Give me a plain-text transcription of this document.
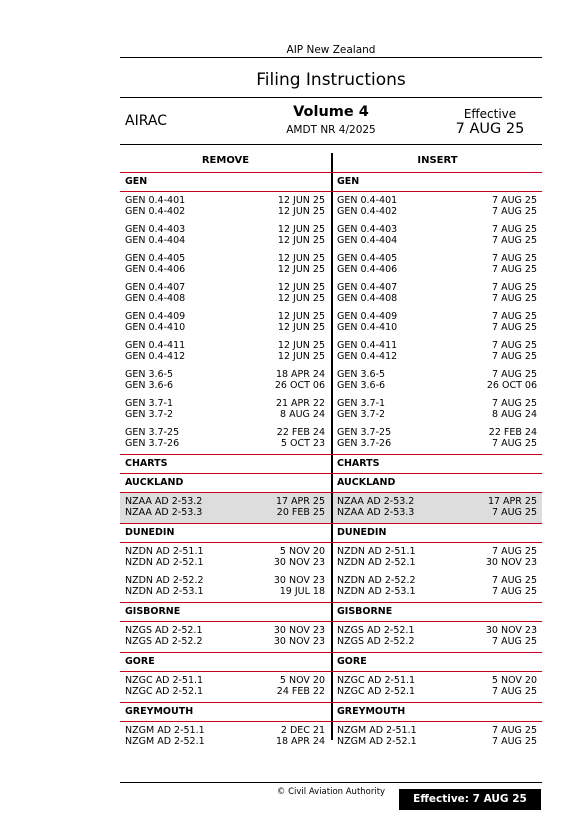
AIP New Zealand
Filing Instructions
AIRAC
Volume 4
AMDT NR 4/2025
Effective
7 AUG 25
REMOVE	INSERT
GEN	GEN
GEN 0.4-401	12 JUN 25 GEN 0.4-401	7 AUG 25
GEN 0.4-402	12 JUN 25 GEN 0.4-402	7 AUG 25
GEN 0.4-403	12 JUN 25 GEN 0.4-403	7 AUG 25
GEN 0.4-404	12 JUN 25 GEN 0.4-404	7 AUG 25
GEN 0.4-405	12 JUN 25 GEN 0.4-405	7 AUG 25
GEN 0.4-406	12 JUN 25 GEN 0.4-406	7 AUG 25
GEN 0.4-407	12 JUN 25 GEN 0.4-407	7 AUG 25
GEN 0.4-408	12 JUN 25 GEN 0.4-408	7 AUG 25
GEN 0.4-409	12 JUN 25 GEN 0.4-409	7 AUG 25
GEN 0.4-410	12 JUN 25 GEN 0.4-410	7 AUG 25
GEN 0.4-411	12 JUN 25 GEN 0.4-411	7 AUG 25
GEN 0.4-412	12 JUN 25 GEN 0.4-412	7 AUG 25
GEN 3.6-5	18 APR 24 GEN 3.6-5	7 AUG 25
GEN 3.6-6	26 OCT 06 GEN 3.6-6	26 OCT 06
GEN 3.7-1	21 APR 22 GEN 3.7-1	7 AUG 25
GEN 3.7-2	8 AUG 24 GEN 3.7-2	8 AUG 24
GEN 3.7-25	22 FEB 24 GEN 3.7-25	22 FEB 24
GEN 3.7-26	5 OCT 23 GEN 3.7-26	7 AUG 25
CHARTS	CHARTS
AUCKLAND	AUCKLAND
NZAA AD 2-53.2	17 APR 25 NZAA AD 2-53.2	17 APR 25
NZAA AD 2-53.3	20 FEB 25 NZAA AD 2-53.3	7 AUG 25
DUNEDIN	DUNEDIN
NZDN AD 2-51.1	5 NOV 20 NZDN AD 2-51.1	7 AUG 25
NZDN AD 2-52.1	30 NOV 23 NZDN AD 2-52.1	30 NOV 23
NZDN AD 2-52.2	30 NOV 23 NZDN AD 2-52.2	7 AUG 25
NZDN AD 2-53.1	19 JUL 18 NZDN AD 2-53.1	7 AUG 25
GISBORNE	GISBORNE
NZGS AD 2-52.1	30 NOV 23 NZGS AD 2-52.1	30 NOV 23
NZGS AD 2-52.2	30 NOV 23 NZGS AD 2-52.2	7 AUG 25
GORE	GORE
NZGC AD 2-51.1	5 NOV 20 NZGC AD 2-51.1	5 NOV 20
NZGC AD 2-52.1	24 FEB 22 NZGC AD 2-52.1	7 AUG 25
GREYMOUTH	GREYMOUTH
NZGM AD 2-51.1	2 DEC 21 NZGM AD 2-51.1	7 AUG 25
NZGM AD 2-52.1	18 APR 24 NZGM AD 2-52.1	7 AUG 25
© Civil Aviation Authority
Effective: 7 AUG 25
